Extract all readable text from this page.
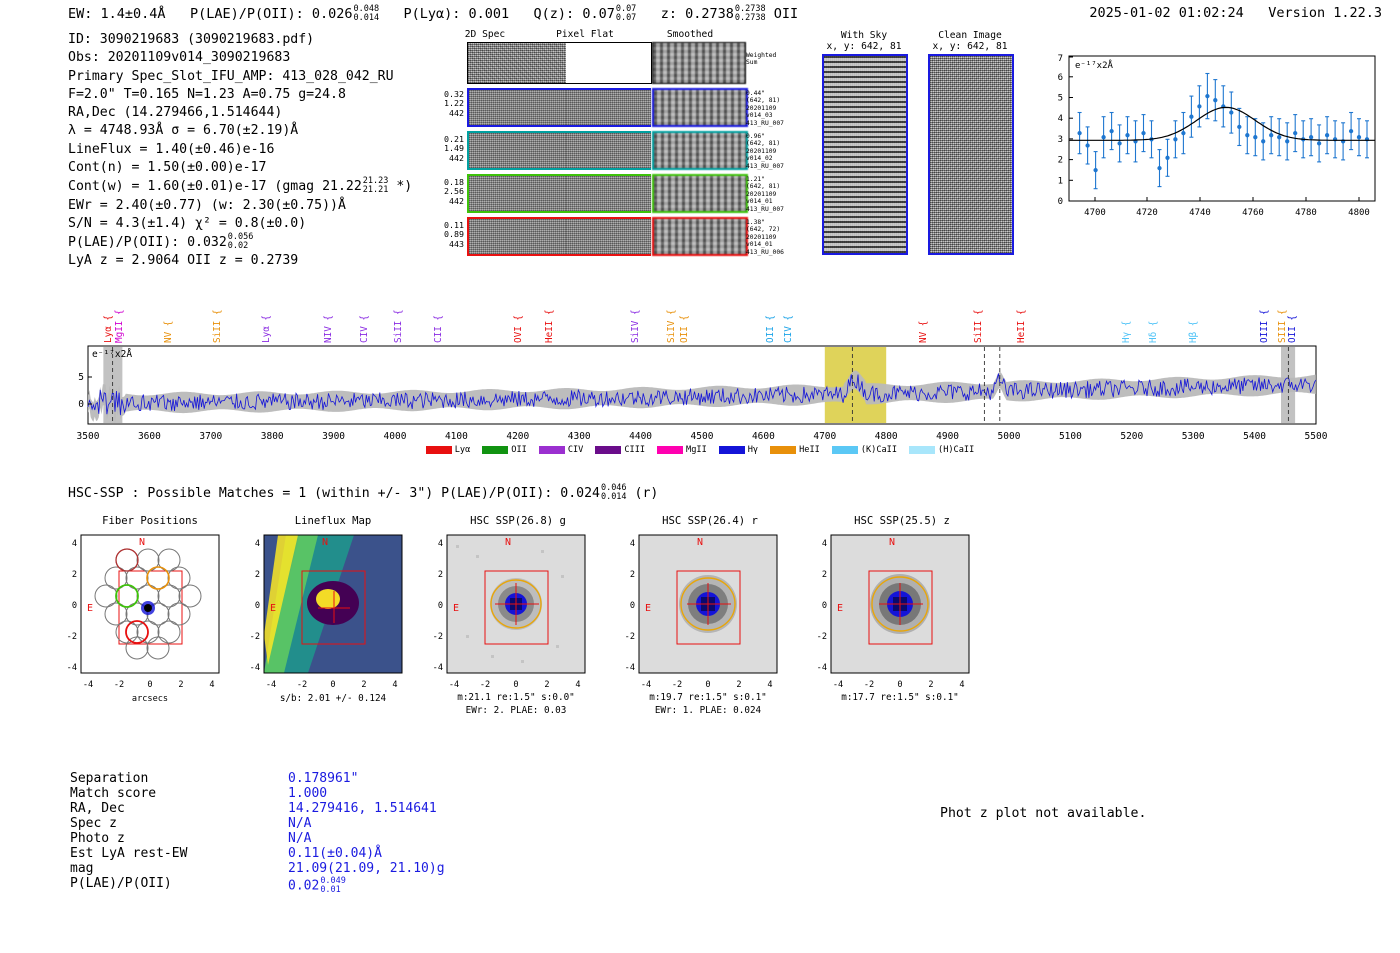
EW: 1.4±0.4Å P(LAE)/P(OII): 0.026 0.048
0.014 P(Lyα): 0.001 Q(z): 0.07 0.07
0.07 z: 0.2738 0.2738
0.2738 OII	2025-01-02 01:02:24 Version 1.22.3
ID: 3090219683 (3090219683.pdf)
Obs: 20201109v014_3090219683
Primary Spec_Slot_IFU_AMP: 413_028_042_RU
F=2.0" T=0.165 N=1.23 A=0.75 g=24.8
RA,Dec (14.279466,1.514644)
λ = 4748.93Å σ = 6.70(±2.19)Å
LineFlux = 1.40(±0.46)e-16
Cont(n) = 1.50(±0.00)e-17
Cont(w) = 1.60(±0.01)e-17 (gmag 21.22 21.23
21.21 *)
EWr = 2.40(±0.77) (w: 2.30(±0.75))Å
S/N = 4.3(±1.4) χ² = 0.8(±0.0)
P(LAE)/P(OII): 0.032 0.056
0.02
LyA z = 2.9064 OII z = 0.2739
2D Spec	Pixel Flat	Smoothed
Weighted
Sum
0.32
1.22
442
0.44"
(642, 81)
20201109
v014_03
413_RU_007
0.21
1.49
442
0.96"
(642, 81)
20201109
v014_02
413_RU_007
0.18
2.56
442
1.21"
(642, 81)
20201109
v014_01
413_RU_007
0.11
0.89
443
1.38"
(642, 72)
20201109
v014_01
413_RU_006
With Sky
x, y: 642, 81
Clean Image
x, y: 642, 81
0
1
2
3
4
5
6
7
e⁻¹⁷x2Å
4700	4720	4740	4760	4780	4800
5
0
e⁻¹⁷x2Å
3500	3600	3700	3800	3900	4000	4100	4200	4300	4400	4500	4600	4700	4800	4900	5000	5100	5200	5300	5400	5500
Lyα { MgII {	NV {	SiII {	Lyα {	NIV {	CIV { SiII {	CII {	OVI { HeII {	SiIV {	SiIV { OII {	OII { CIV {	NV {	SiII {	HeII {	Hγ { Hδ {	Hβ {	OIII { SIII {
OII {
Lyα	OII	CIV	CIII	MgII	Hγ	HeII	(K)CaII	(H)CaII
HSC-SSP : Possible Matches = 1 (within +/- 3") P(LAE)/P(OII): 0.024 0.046
0.014 (r)
Fiber Positions
4
2
0
-2
-4
-4 -2	0	2	4
arcsecs
N
E
Lineflux Map
4
2
0
-2
-4
-4 -2	0	2	4
N
E
s/b: 2.01 +/- 0.124
HSC SSP(26.8) g
4
2
0
-2
-4
-4 -2	0	2	4
N
E
m:21.1 re:1.5" s:0.0"
EWr: 2. PLAE: 0.03
HSC SSP(26.4) r
4
2
0
-2
-4
-4 -2	0	2	4
N
E
m:19.7 re:1.5" s:0.1"
EWr: 1. PLAE: 0.024
HSC SSP(25.5) z
4
2
0
-2
-4
-4 -2	0	2	4
N
E
m:17.7 re:1.5" s:0.1"
Separation	0.178961"
Match score	1.000
RA, Dec	14.279416, 1.514641
Spec z	N/A
Photo z	N/A
Est LyA rest-EW	0.11(±0.04)Å
mag	21.09(21.09, 21.10)g
P(LAE)/P(OII)	0.02 0.049
0.01
Phot z plot not available.
